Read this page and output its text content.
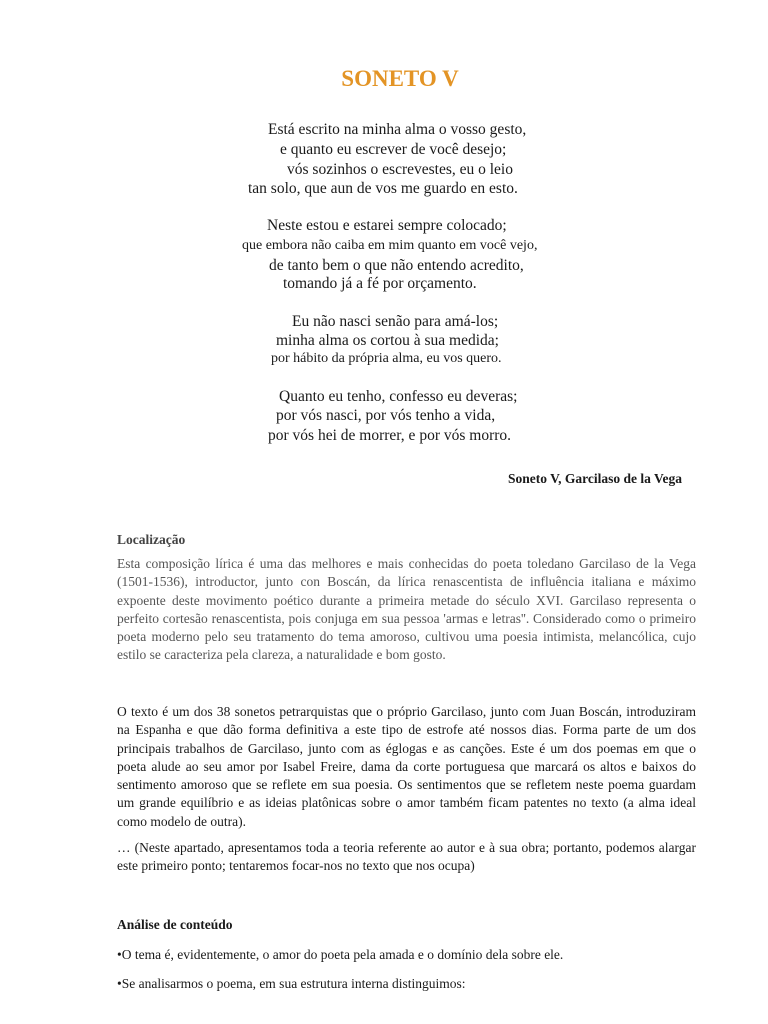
SONETO V
Está escrito na minha alma o vosso gesto,
e quanto eu escrever de você desejo;
vós sozinhos o escrevestes, eu o leio
tan solo, que aun de vos me guardo en esto.
Neste estou e estarei sempre colocado;
que embora não caiba em mim quanto em você vejo,
de tanto bem o que não entendo acredito,
tomando já a fé por orçamento.
Eu não nasci senão para amá-los;
minha alma os cortou à sua medida;
por hábito da própria alma, eu vos quero.
Quanto eu tenho, confesso eu deveras;
por vós nasci, por vós tenho a vida,
por vós hei de morrer, e por vós morro.
Soneto V, Garcilaso de la Vega
Localização

Esta composição lírica é uma das melhores e mais conhecidas do poeta toledano Garcilaso de la Vega (1501-1536), introductor, junto con Boscán, da lírica renascentista de influência italiana e máximo expoente deste movimento poético durante a primeira metade do século XVI. Garcilaso representa o perfeito cortesão renascentista, pois conjuga em sua pessoa 'armas e letras''. Considerado como o primeiro poeta moderno pelo seu tratamento do tema amoroso, cultivou uma poesia intimista, melancólica, cujo estilo se caracteriza pela clareza, a naturalidade e bom gosto.

O texto é um dos 38 sonetos petrarquistas que o próprio Garcilaso, junto com Juan Boscán, introduziram na Espanha e que dão forma definitiva a este tipo de estrofe até nossos dias. Forma parte de um dos principais trabalhos de Garcilaso, junto com as églogas e as canções. Este é um dos poemas em que o poeta alude ao seu amor por Isabel Freire, dama da corte portuguesa que marcará os altos e baixos do sentimento amoroso que se reflete em sua poesia. Os sentimentos que se refletem neste poema guardam um grande equilíbrio e as ideias platônicas sobre o amor também ficam patentes no texto (a alma ideal como modelo de outra).

… (Neste apartado, apresentamos toda a teoria referente ao autor e à sua obra; portanto, podemos alargar este primeiro ponto; tentaremos focar-nos no texto que nos ocupa)

Análise de conteúdo
•O tema é, evidentemente, o amor do poeta pela amada e o domínio dela sobre ele.
•Se analisarmos o poema, em sua estrutura interna distinguimos:
